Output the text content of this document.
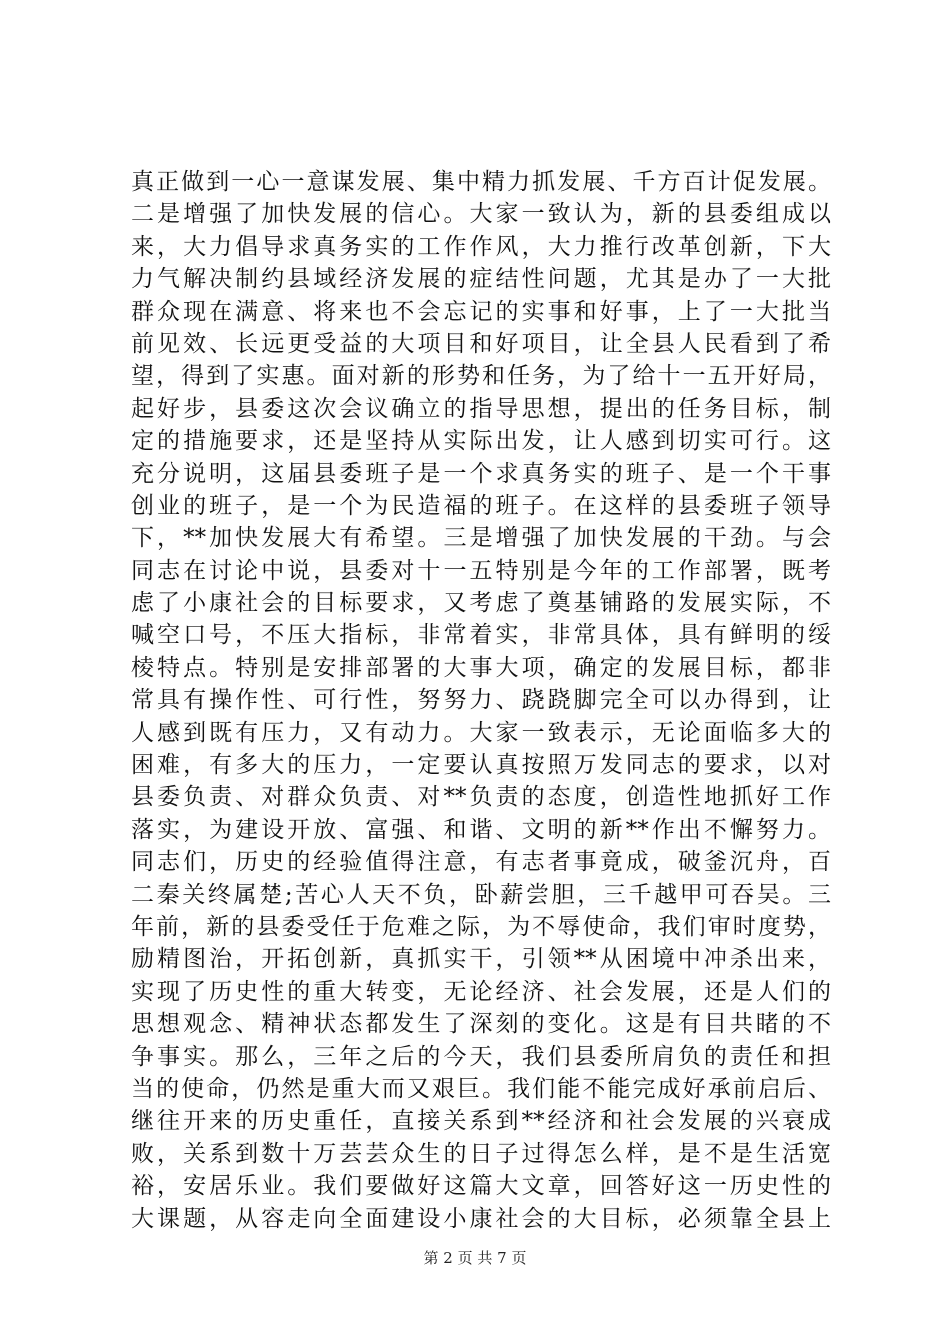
真正做到一心一意谋发展、集中精力抓发展、千方百计促发展。
二是增强了加快发展的信心。大家一致认为，新的县委组成以
来，大力倡导求真务实的工作作风，大力推行改革创新，下大
力气解决制约县域经济发展的症结性问题，尤其是办了一大批
群众现在满意、将来也不会忘记的实事和好事，上了一大批当
前见效、长远更受益的大项目和好项目，让全县人民看到了希
望，得到了实惠。面对新的形势和任务，为了给十一五开好局，
起好步，县委这次会议确立的指导思想，提出的任务目标，制
定的措施要求，还是坚持从实际出发，让人感到切实可行。这
充分说明，这届县委班子是一个求真务实的班子、是一个干事
创业的班子，是一个为民造福的班子。在这样的县委班子领导
下，**加快发展大有希望。三是增强了加快发展的干劲。与会
同志在讨论中说，县委对十一五特别是今年的工作部署，既考
虑了小康社会的目标要求，又考虑了奠基铺路的发展实际，不
喊空口号，不压大指标，非常着实，非常具体，具有鲜明的绥
棱特点。特别是安排部署的大事大项，确定的发展目标，都非
常具有操作性、可行性，努努力、跷跷脚完全可以办得到，让
人感到既有压力，又有动力。大家一致表示，无论面临多大的
困难，有多大的压力，一定要认真按照万发同志的要求，以对
县委负责、对群众负责、对**负责的态度，创造性地抓好工作
落实，为建设开放、富强、和谐、文明的新**作出不懈努力。
同志们，历史的经验值得注意，有志者事竟成，破釜沉舟，百
二秦关终属楚;苦心人天不负，卧薪尝胆，三千越甲可吞吴。三
年前，新的县委受任于危难之际，为不辱使命，我们审时度势，
励精图治，开拓创新，真抓实干，引领**从困境中冲杀出来，
实现了历史性的重大转变，无论经济、社会发展，还是人们的
思想观念、精神状态都发生了深刻的变化。这是有目共睹的不
争事实。那么，三年之后的今天，我们县委所肩负的责任和担
当的使命，仍然是重大而又艰巨。我们能不能完成好承前启后、
继往开来的历史重任，直接关系到**经济和社会发展的兴衰成
败，关系到数十万芸芸众生的日子过得怎么样，是不是生活宽
裕，安居乐业。我们要做好这篇大文章，回答好这一历史性的
大课题，从容走向全面建设小康社会的大目标，必须靠全县上
第 2 页 共 7 页
